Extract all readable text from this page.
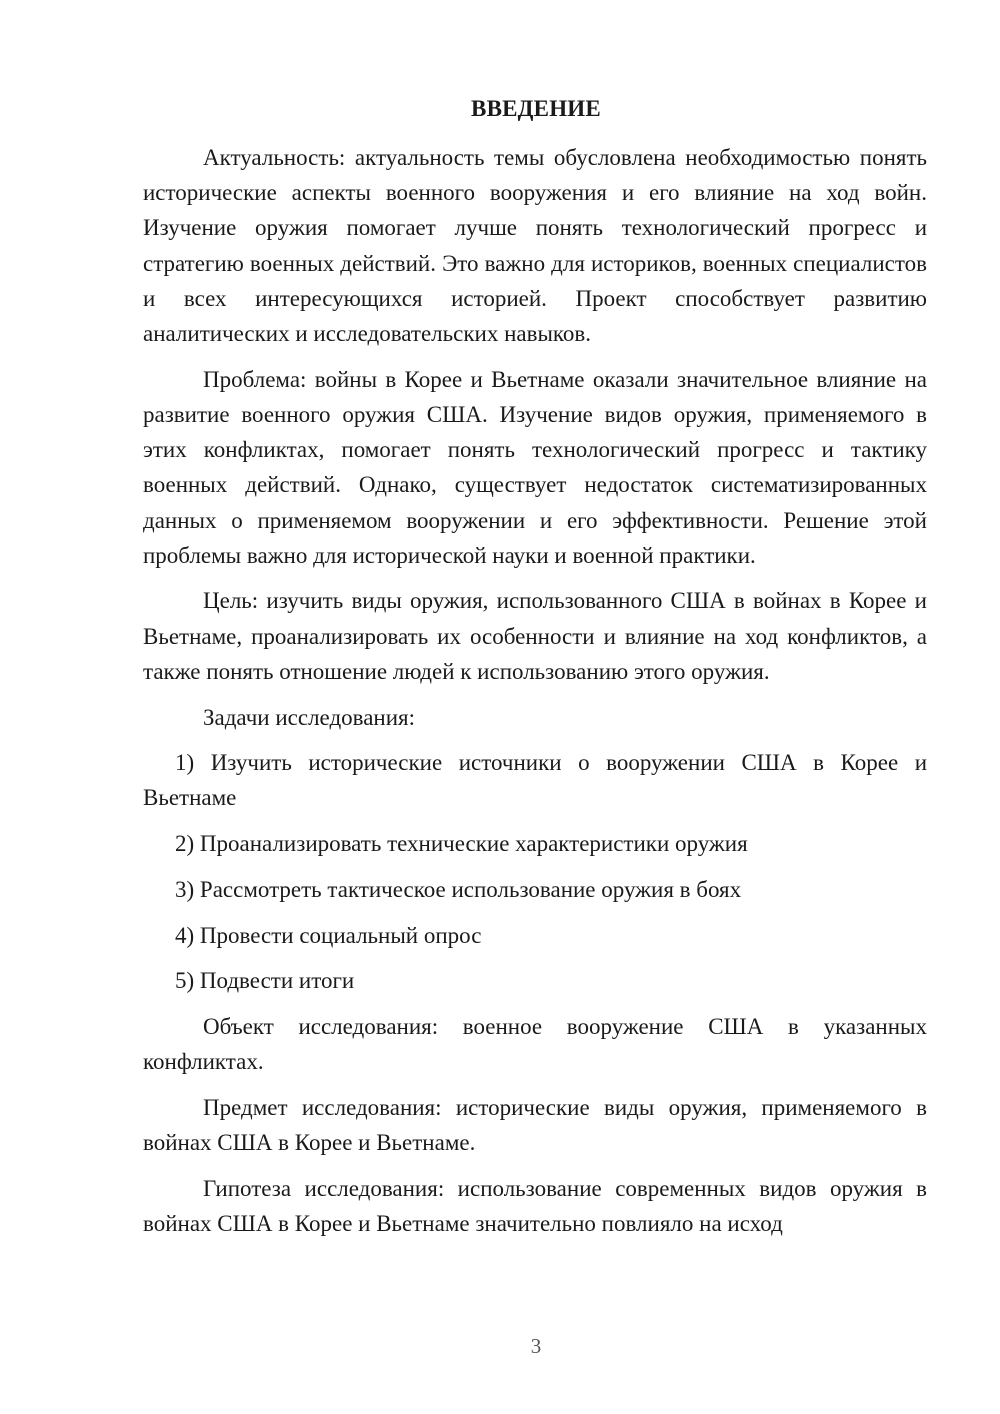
ВВЕДЕНИЕ

Актуальность: актуальность темы обусловлена необходимостью понять исторические аспекты военного вооружения и его влияние на ход войн. Изучение оружия помогает лучше понять технологический прогресс и стратегию военных действий. Это важно для историков, военных специалистов и всех интересующихся историей. Проект способствует развитию аналитических и исследовательских навыков.

Проблема: войны в Корее и Вьетнаме оказали значительное влияние на развитие военного оружия США. Изучение видов оружия, применяемого в этих конфликтах, помогает понять технологический прогресс и тактику военных действий. Однако, существует недостаток систематизированных данных о применяемом вооружении и его эффективности. Решение этой проблемы важно для исторической науки и военной практики.

Цель: изучить виды оружия, использованного США в войнах в Корее и Вьетнаме, проанализировать их особенности и влияние на ход конфликтов, а также понять отношение людей к использованию этого оружия.

Задачи исследования:

1) Изучить исторические источники о вооружении США в Корее и Вьетнаме

2) Проанализировать технические характеристики оружия

3) Рассмотреть тактическое использование оружия в боях

4) Провести социальный опрос

5) Подвести итоги

Объект исследования: военное вооружение США в указанных конфликтах.

Предмет исследования: исторические виды оружия, применяемого в войнах США в Корее и Вьетнаме.

Гипотеза исследования: использование современных видов оружия в войнах США в Корее и Вьетнаме значительно повлияло на исход

3
